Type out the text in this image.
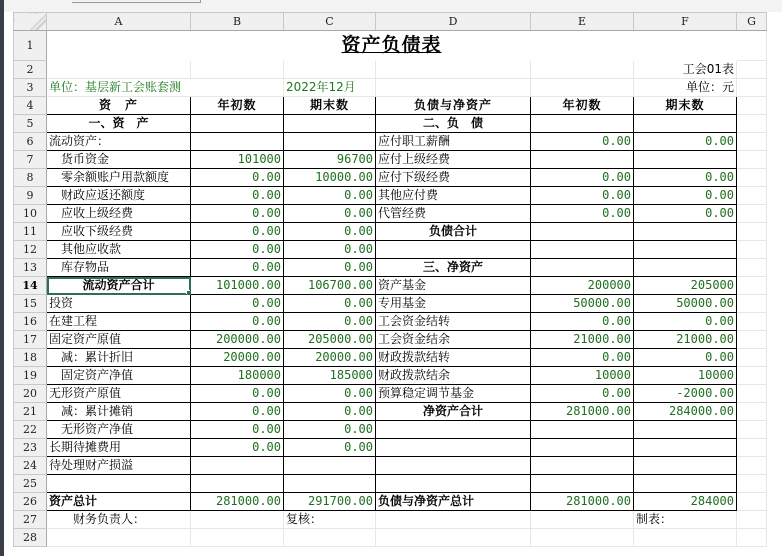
	A	B	C	D	E	F	G
1	资产负债表						
2						工会01表	
3	单位：基层新工会账套测		2022年12月			单位：元	
4	资　产	年初数	期末数	负债与净资产	年初数	期末数	
5	一、资　产			二、负　债			
6	流动资产：			应付职工薪酬	0.00	0.00	
7	货币资金	101000	96700	应付上级经费			
8	零余额账户用款额度	0.00	10000.00	应付下级经费	0.00	0.00	
9	财政应返还额度	0.00	0.00	其他应付费	0.00	0.00	
10	应收上级经费	0.00	0.00	代管经费	0.00	0.00	
11	应收下级经费	0.00	0.00	负债合计			
12	其他应收款	0.00	0.00				
13	库存物品	0.00	0.00	三、净资产			
14	流动资产合计	101000.00	106700.00	资产基金	200000	205000	
15	投资	0.00	0.00	专用基金	50000.00	50000.00	
16	在建工程	0.00	0.00	工会资金结转	0.00	0.00	
17	固定资产原值	200000.00	205000.00	工会资金结余	21000.00	21000.00	
18	减：累计折旧	20000.00	20000.00	财政拨款结转	0.00	0.00	
19	固定资产净值	180000	185000	财政拨款结余	10000	10000	
20	无形资产原值	0.00	0.00	预算稳定调节基金	0.00	-2000.00	
21	减：累计摊销	0.00	0.00	净资产合计	281000.00	284000.00	
22	无形资产净值	0.00	0.00				
23	长期待摊费用	0.00	0.00				
24	待处理财产损溢						
25							
26	资产总计	281000.00	291700.00	负债与净资产总计	281000.00	284000	
27	财务负责人：		复核：			制表：	
28							
